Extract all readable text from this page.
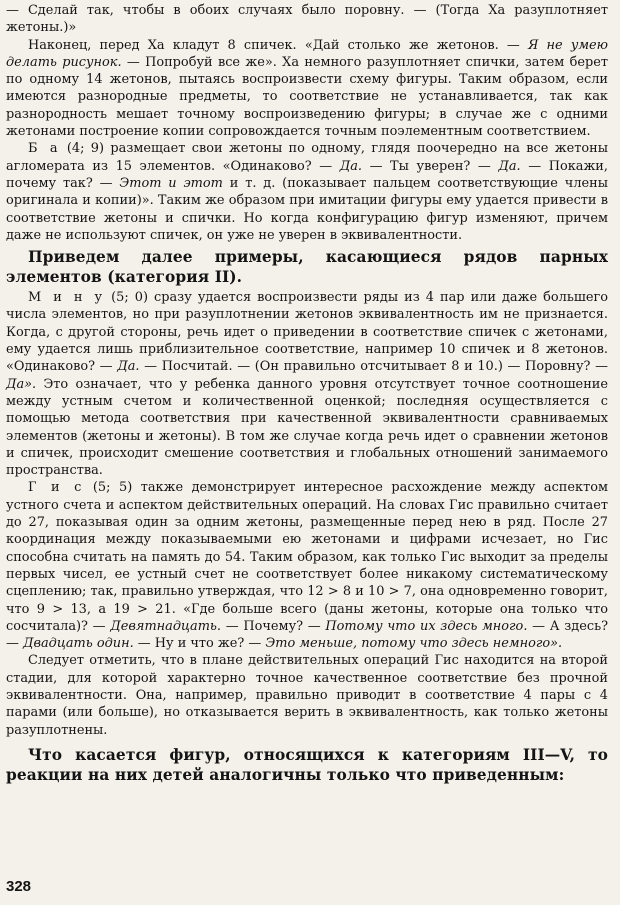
— Сделай так, чтобы в обоих случаях было поровну. — (Тогда Ха разуплотняет жетоны.)»

Наконец, перед Ха кладут 8 спичек. «Дай столько же жетонов. — Я не умею делать рисунок. — Попробуй все же». Ха немного разуплотняет спички, затем берет по одному 14 жетонов, пытаясь воспроизвести схему фигуры. Таким образом, если имеются разнородные предметы, то соответствие не устанавливается, так как разнородность мешает точному воспроизведению фигуры; в случае же с одними жетонами построение копии сопровождается точным поэлементным соответствием.

Б а (4; 9) размещает свои жетоны по одному, глядя поочередно на все жетоны агломерата из 15 элементов. «Одинаково? — Да. — Ты уверен? — Да. — Покажи, почему так? — Этот и этот и т. д. (показывает пальцем соответствующие члены оригинала и копии)». Таким же образом при имитации фигуры ему удается привести в соответствие жетоны и спички. Но когда конфигурацию фигур изменяют, причем даже не используют спичек, он уже не уверен в эквивалентности.

Приведем далее примеры, касающиеся рядов парных элементов (категория II).

М и н у (5; 0) сразу удается воспроизвести ряды из 4 пар или даже большего числа элементов, но при разуплотнении жетонов эквивалентность им не признается. Когда, с другой стороны, речь идет о приведении в соответствие спичек с жетонами, ему удается лишь приблизительное соответствие, например 10 спичек и 8 жетонов. «Одинаково? — Да. — Посчитай. — (Он правильно отсчитывает 8 и 10.) — Поровну? — Да». Это означает, что у ребенка данного уровня отсутствует точное соотношение между устным счетом и количественной оценкой; последняя осуществляется с помощью метода соответствия при качественной эквивалентности сравниваемых элементов (жетоны и жетоны). В том же случае когда речь идет о сравнении жетонов и спичек, происходит смешение соответствия и глобальных отношений занимаемого пространства.

Г и с (5; 5) также демонстрирует интересное расхождение между аспектом устного счета и аспектом действительных операций. На словах Гис правильно считает до 27, показывая один за одним жетоны, размещенные перед нею в ряд. После 27 координация между показываемыми ею жетонами и цифрами исчезает, но Гис способна считать на память до 54. Таким образом, как только Гис выходит за пределы первых чисел, ее устный счет не соответствует более никакому систематическому сцеплению; так, правильно утверждая, что 12 > 8 и 10 > 7, она одновременно говорит, что 9 > 13, а 19 > 21. «Где больше всего (даны жетоны, которые она только что сосчитала)? — Девятнадцать. — Почему? — Потому что их здесь много. — А здесь? — Двадцать один. — Ну и что же? — Это меньше, потому что здесь немного».

Следует отметить, что в плане действительных операций Гис находится на второй стадии, для которой характерно точное качественное соответствие без прочной эквивалентности. Она, например, правильно приводит в соответствие 4 пары с 4 парами (или больше), но отказывается верить в эквивалентность, как только жетоны разуплотнены.

Что касается фигур, относящихся к категориям III—V, то реакции на них детей аналогичны только что приведенным:

328
